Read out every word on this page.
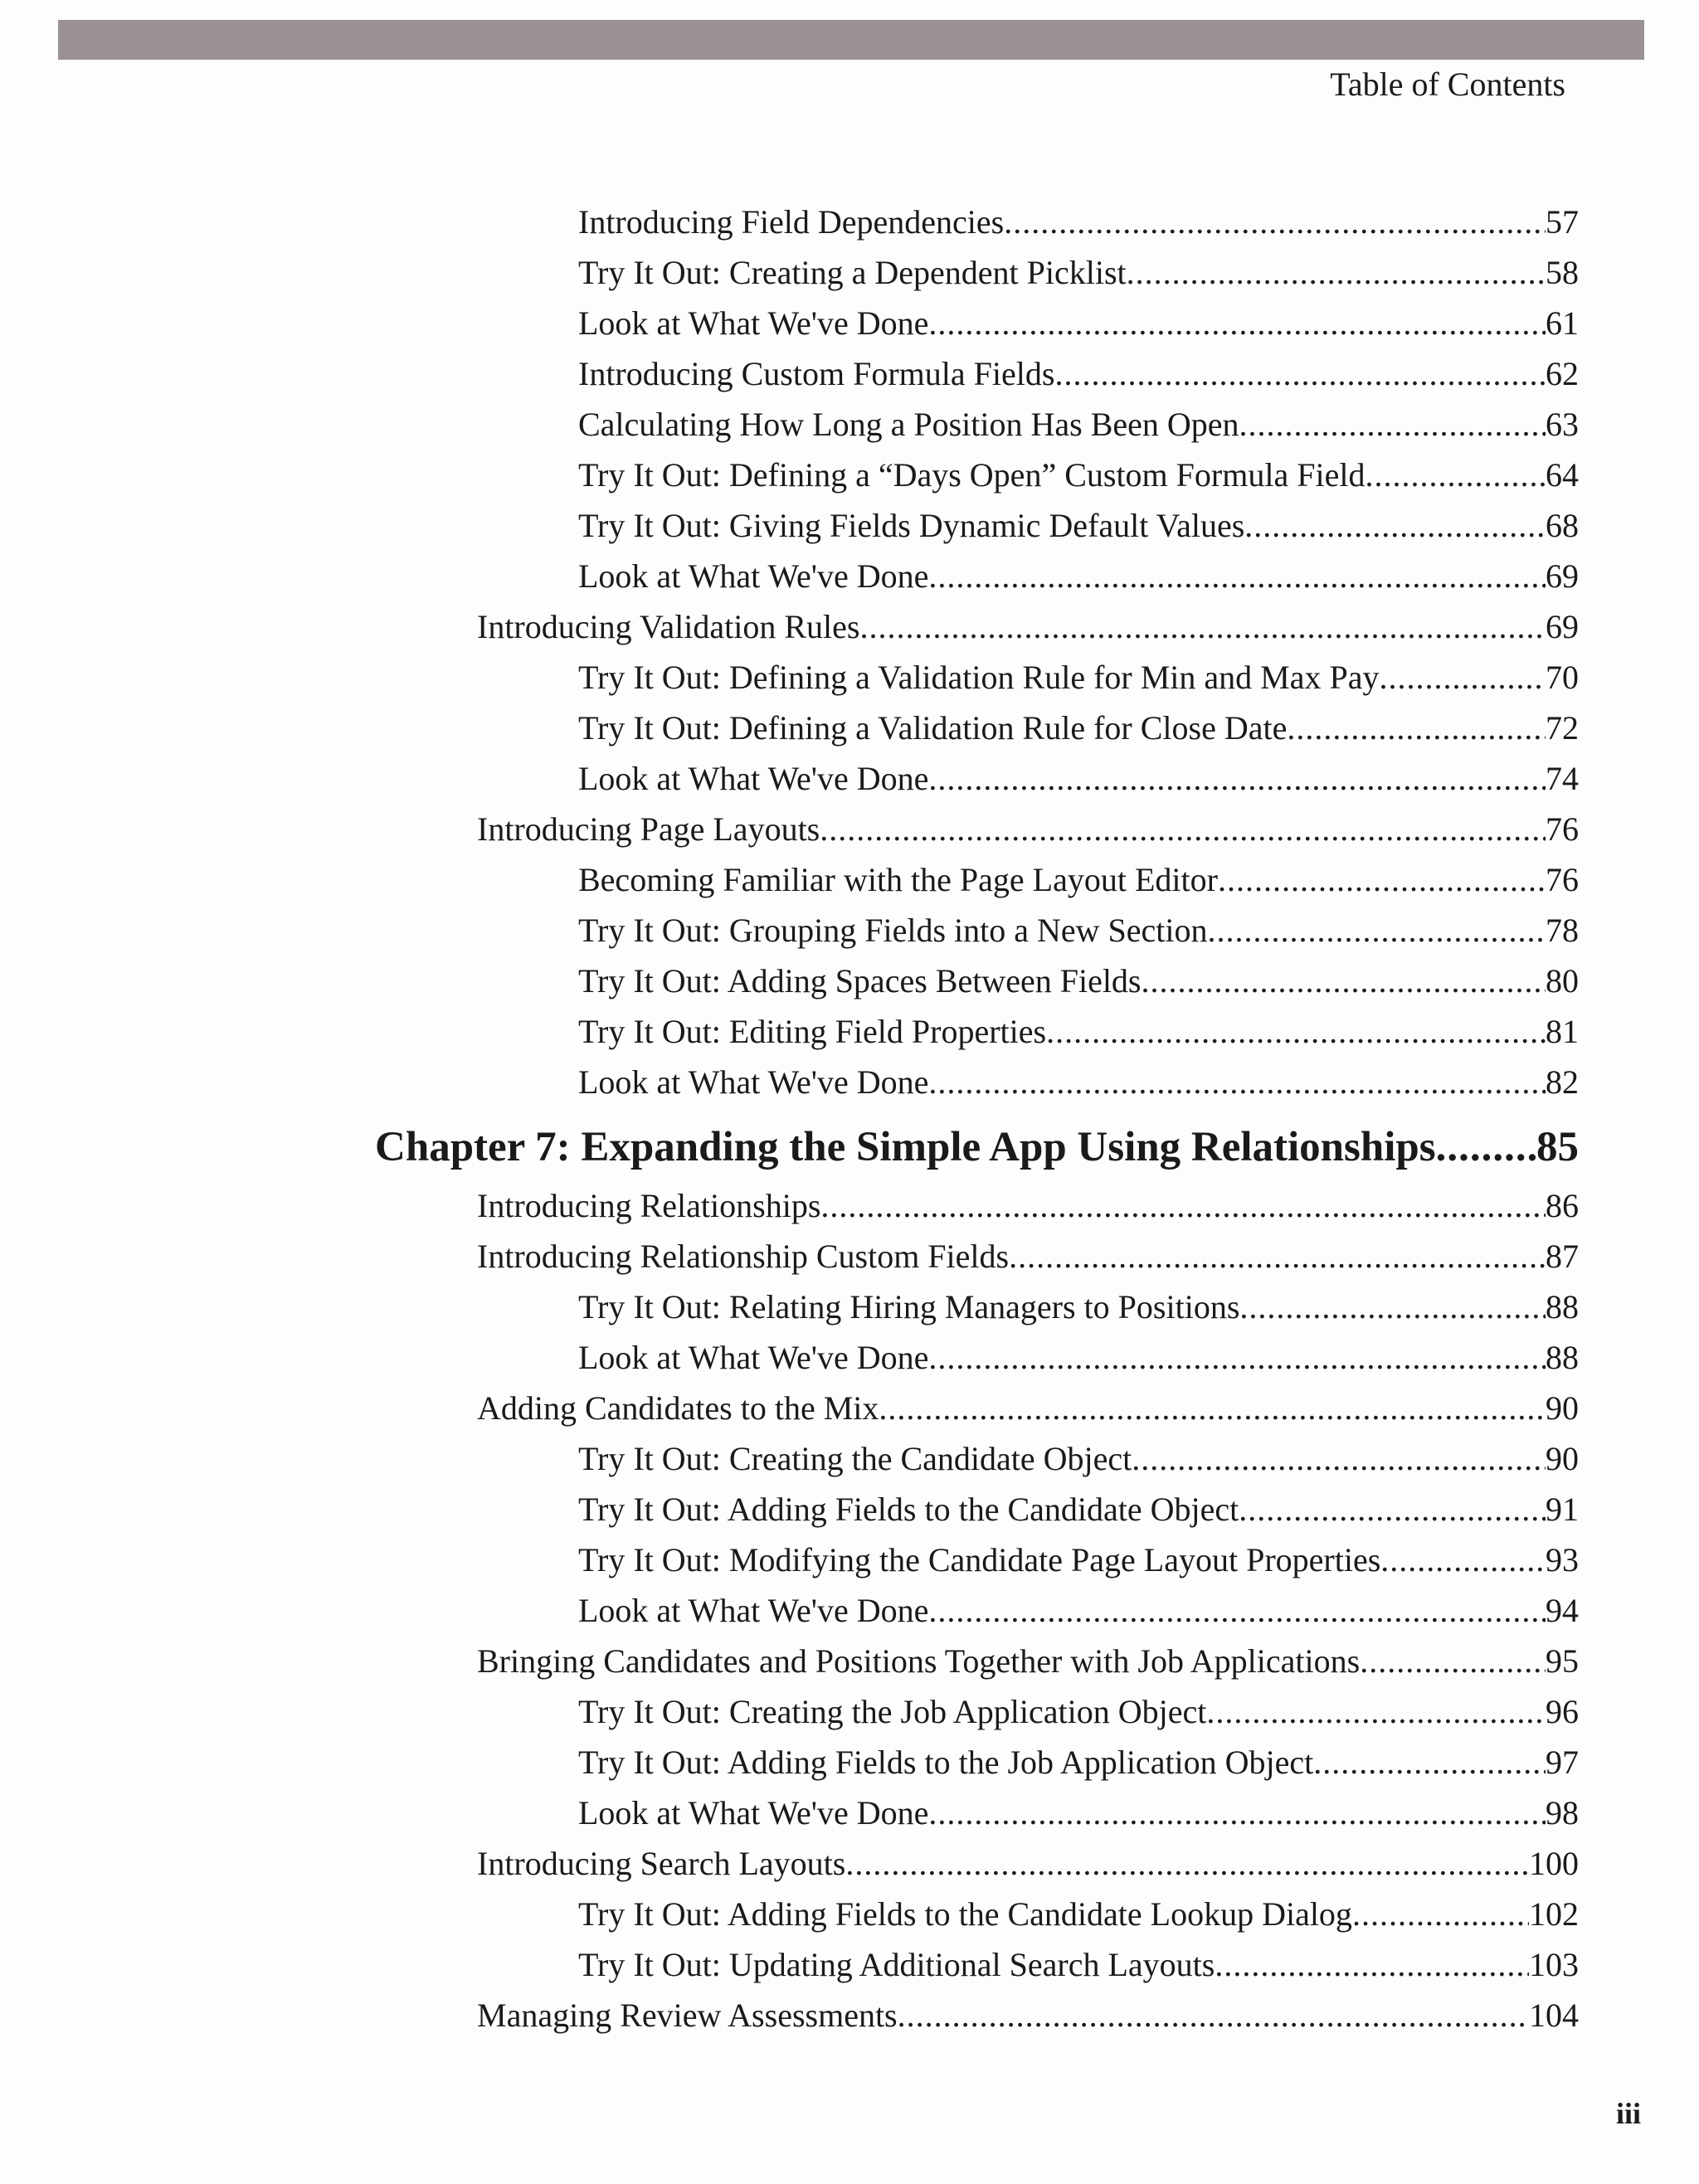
Table of Contents
Introducing Field Dependencies .....	57
Try It Out: Creating a Dependent Picklist .....	58
Look at What We've Done .....	61
Introducing Custom Formula Fields .....	62
Calculating How Long a Position Has Been Open .....	63
Try It Out: Defining a “Days Open” Custom Formula Field .....	64
Try It Out: Giving Fields Dynamic Default Values .....	68
Look at What We've Done .....	69
Introducing Validation Rules .....	69
Try It Out: Defining a Validation Rule for Min and Max Pay .....	70
Try It Out: Defining a Validation Rule for Close Date .....	72
Look at What We've Done .....	74
Introducing Page Layouts .....	76
Becoming Familiar with the Page Layout Editor .....	76
Try It Out: Grouping Fields into a New Section .....	78
Try It Out: Adding Spaces Between Fields .....	80
Try It Out: Editing Field Properties .....	81
Look at What We've Done .....	82
Chapter 7: Expanding the Simple App Using Relationships ..... 85
Introducing Relationships .....	86
Introducing Relationship Custom Fields .....	87
Try It Out: Relating Hiring Managers to Positions .....	88
Look at What We've Done .....	88
Adding Candidates to the Mix .....	90
Try It Out: Creating the Candidate Object .....	90
Try It Out: Adding Fields to the Candidate Object .....	91
Try It Out: Modifying the Candidate Page Layout Properties .....	93
Look at What We've Done .....	94
Bringing Candidates and Positions Together with Job Applications .....	95
Try It Out: Creating the Job Application Object .....	96
Try It Out: Adding Fields to the Job Application Object .....	97
Look at What We've Done .....	98
Introducing Search Layouts .....	100
Try It Out: Adding Fields to the Candidate Lookup Dialog .....	102
Try It Out: Updating Additional Search Layouts .....	103
Managing Review Assessments .....	104
iii
